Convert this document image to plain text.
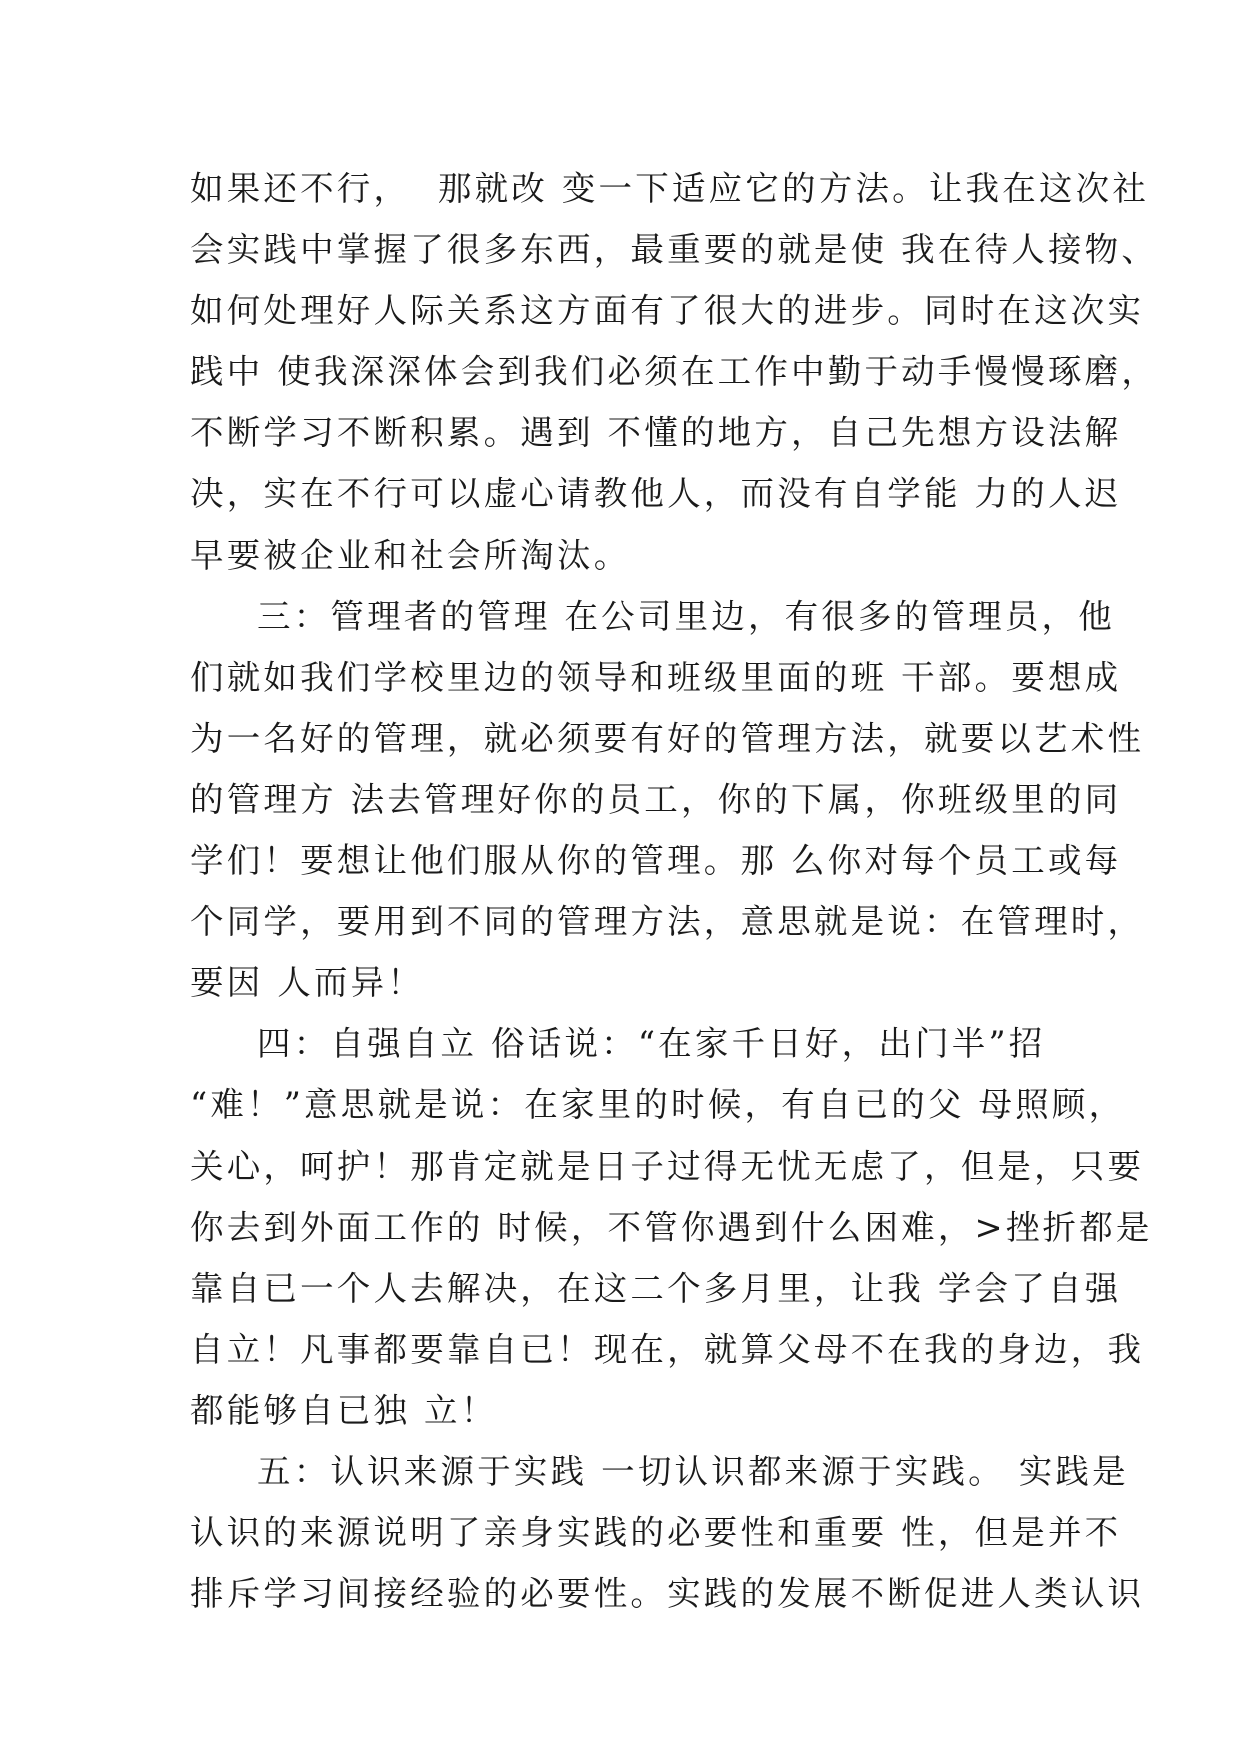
如果还不行，  那就改 变一下适应它的方法。让我在这次社
会实践中掌握了很多东西，最重要的就是使 我在待人接物、
如何处理好人际关系这方面有了很大的进步。同时在这次实
践中 使我深深体会到我们必须在工作中勤于动手慢慢琢磨，
不断学习不断积累。遇到 不懂的地方，自己先想方设法解
决，实在不行可以虚心请教他人，而没有自学能 力的人迟
早要被企业和社会所淘汰。
三：管理者的管理 在公司里边，有很多的管理员，他
们就如我们学校里边的领导和班级里面的班 干部。要想成
为一名好的管理，就必须要有好的管理方法，就要以艺术性
的管理方 法去管理好你的员工，你的下属，你班级里的同
学们！要想让他们服从你的管理。那 么你对每个员工或每
个同学，要用到不同的管理方法，意思就是说：在管理时，
要因 人而异！
四：自强自立 俗话说：“在家千日好，出门半”招
“难！”意思就是说：在家里的时候，有自已的父 母照顾，
关心，呵护！那肯定就是日子过得无忧无虑了，但是，只要
你去到外面工作的 时候，不管你遇到什么困难，>挫折都是
靠自已一个人去解决，在这二个多月里，让我 学会了自强
自立！凡事都要靠自已！现在，就算父母不在我的身边，我
都能够自已独 立！
五：认识来源于实践 一切认识都来源于实践。 实践是
认识的来源说明了亲身实践的必要性和重要 性，但是并不
排斥学习间接经验的必要性。实践的发展不断促进人类认识
